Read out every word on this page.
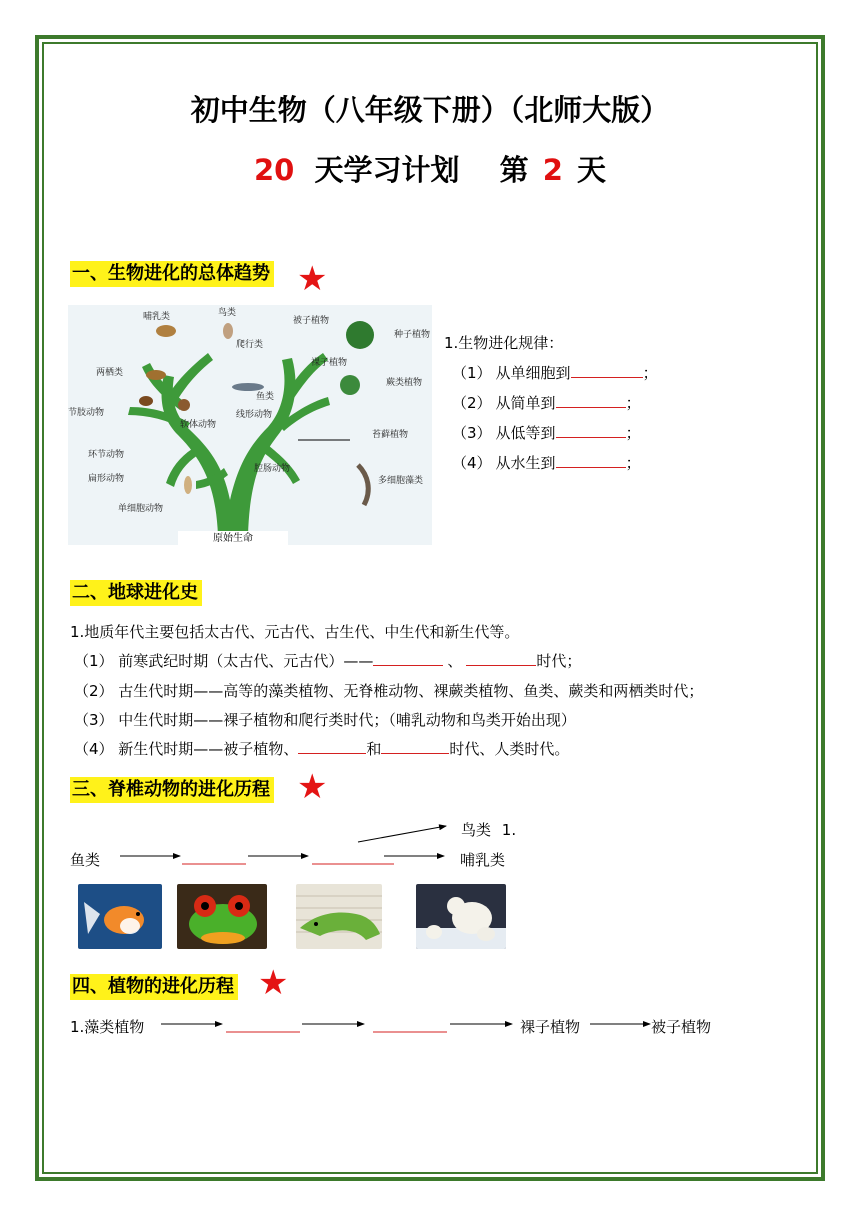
初中生物（八年级下册）（北师大版）
20 天学习计划 第 2 天
一、生物进化的总体趋势 ★
原始生命
哺乳类	鸟类
爬行类
两栖类
鱼类
节肢动物
软体动物
环节动物
线形动物
扁形动物
腔肠动物
单细胞动物
被子植物
裸子植物
种子植物
蕨类植物
苔藓植物
多细胞藻类
1.生物进化规律：
（1） 从单细胞到	；
（2） 从简单到	；
（3） 从低等到	；
（4） 从水生到	；
二、地球进化史
1.地质年代主要包括太古代、元古代、古生代、中生代和新生代等。
（1） 前寒武纪时期（太古代、元古代）——	、	时代；
（2） 古生代时期——高等的藻类植物、无脊椎动物、裸蕨类植物、鱼类、蕨类和两栖类时代；
（3） 中生代时期——裸子植物和爬行类时代；（哺乳动物和鸟类开始出现）
（4） 新生代时期——被子植物、	和	时代、人类时代。
三、脊椎动物的进化历程 ★
鱼类
鸟类 1.
哺乳类
四、植物的进化历程 ★
1.藻类植物	裸子植物	被子植物
